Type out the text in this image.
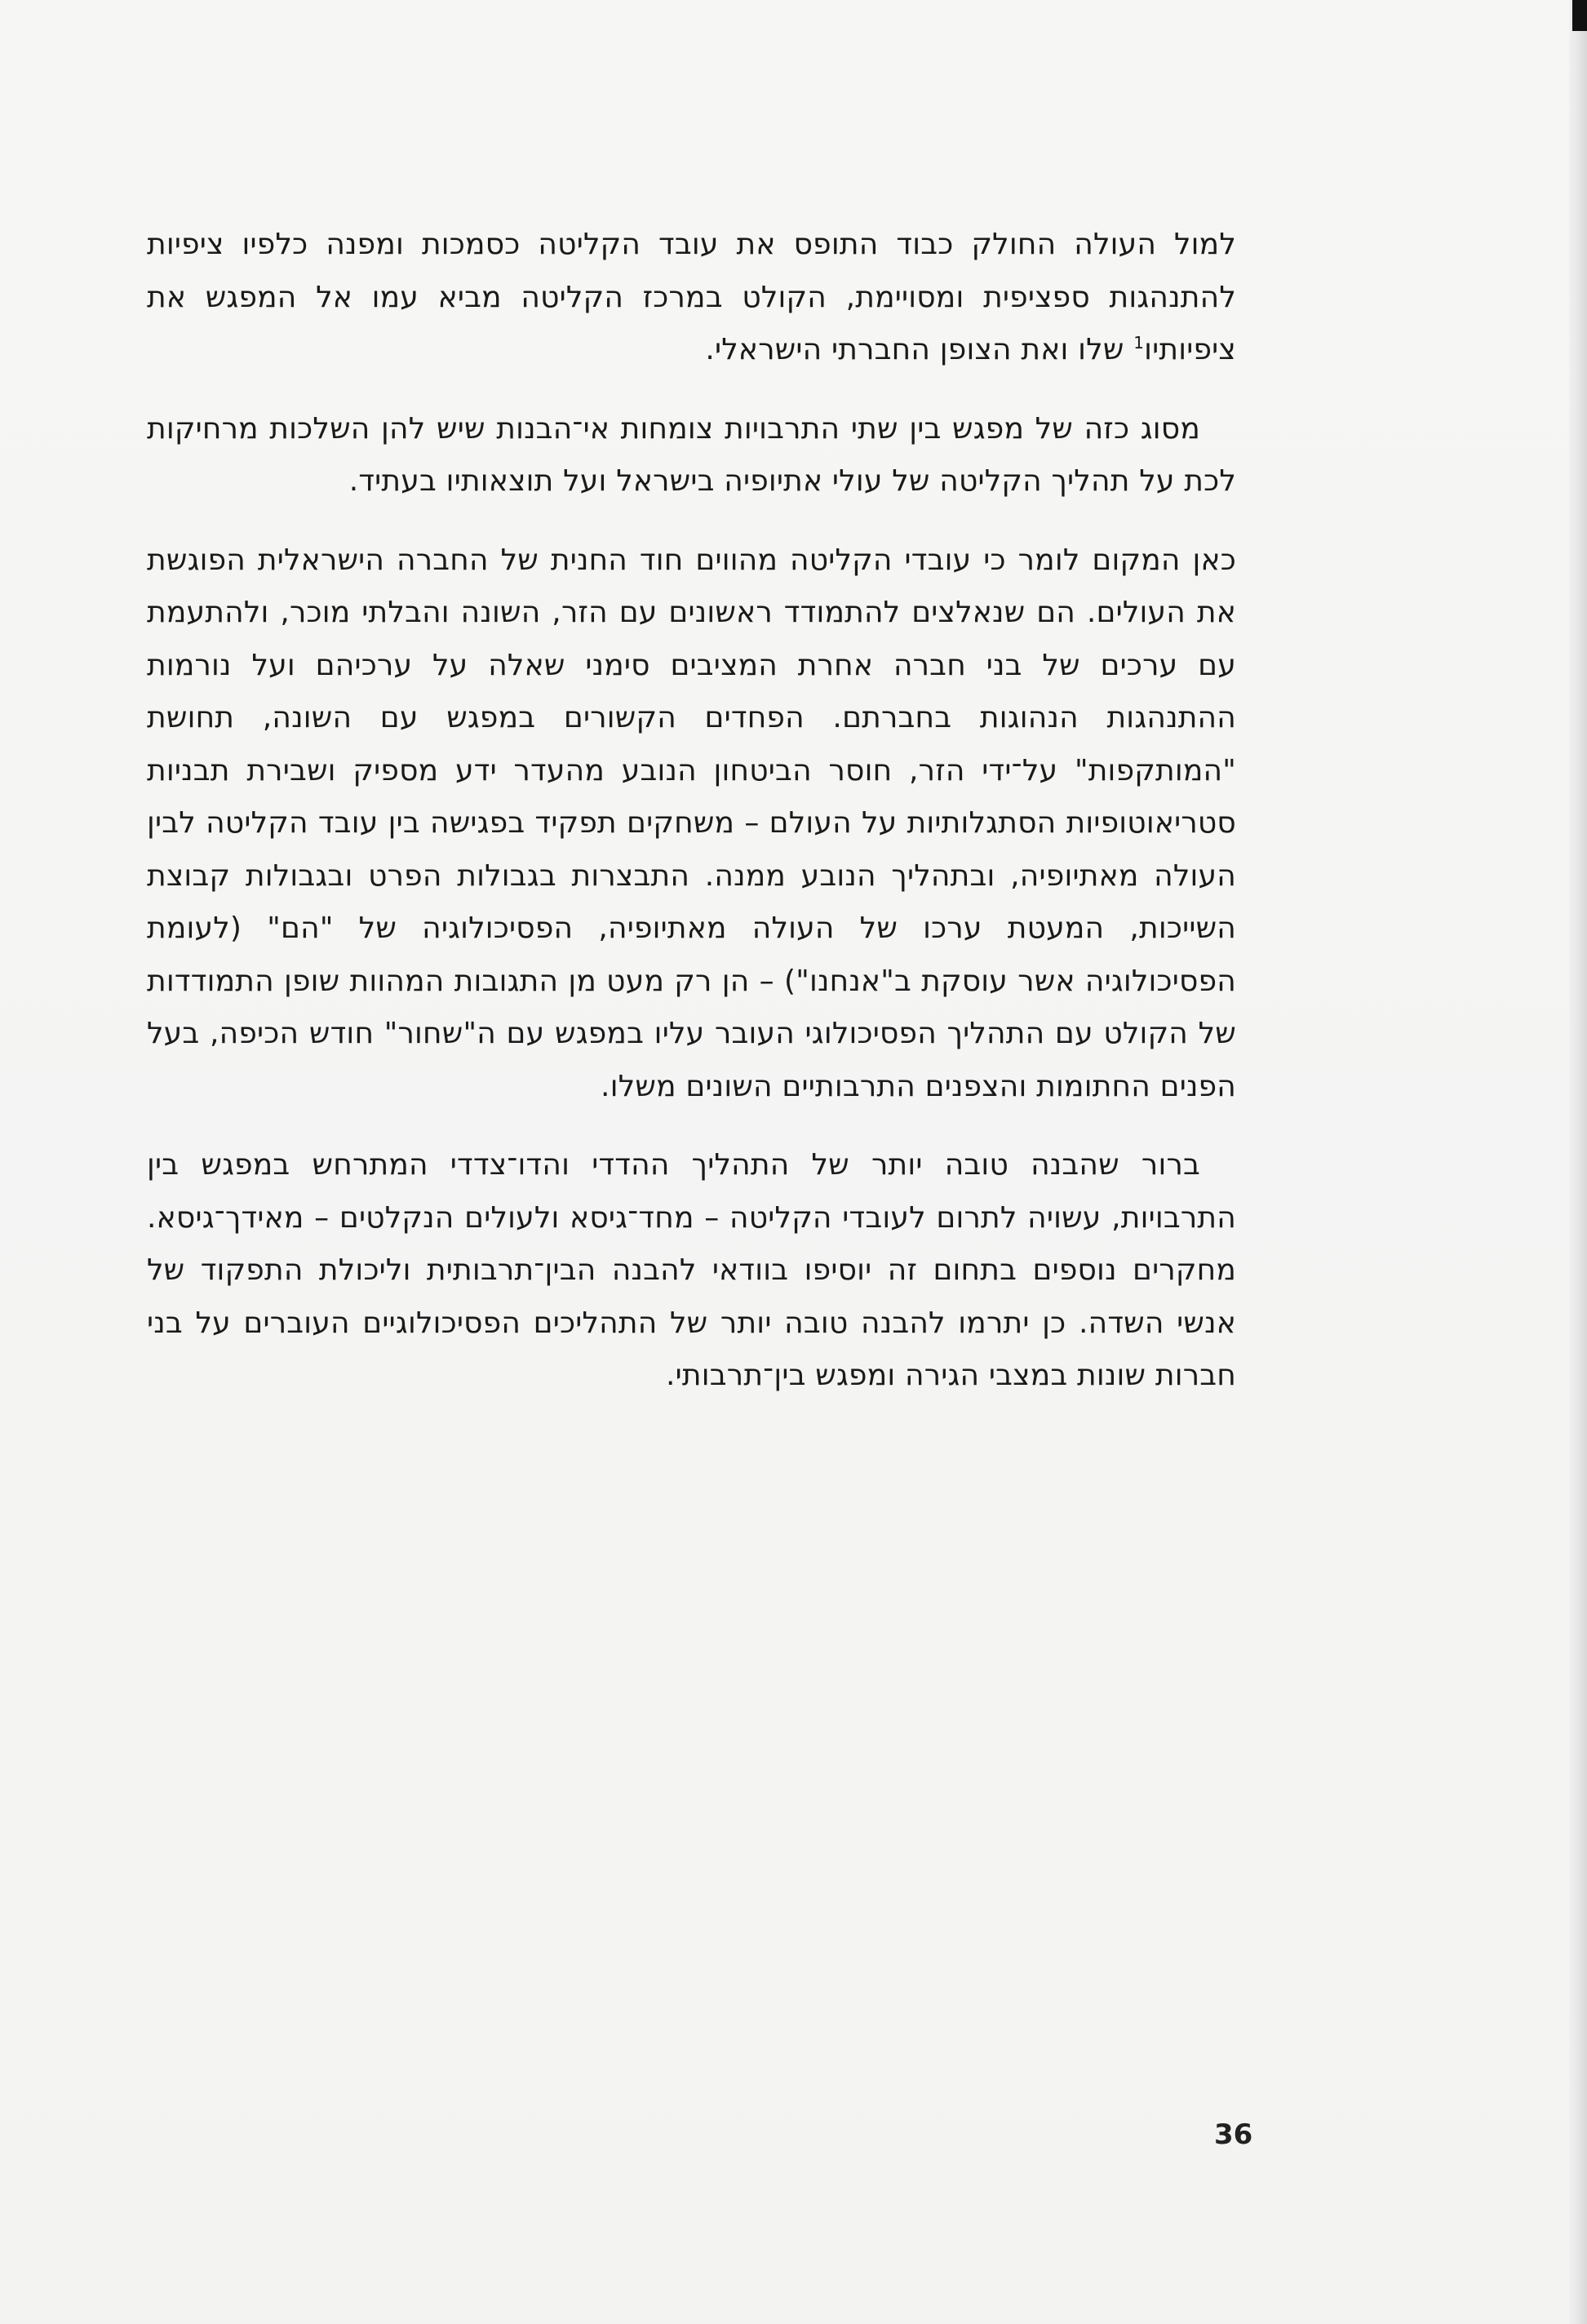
למול העולה החולק כבוד התופס את עובד הקליטה כסמכות ומפנה כלפיו ציפיות להתנהגות ספציפית ומסויימת, הקולט במרכז הקליטה מביא עמו אל המפגש את ציפיותיו$^1$ שלו ואת הצופן החברתי הישראלי.

מסוג כזה של מפגש בין שתי התרבויות צומחות אי־הבנות שיש להן השלכות מרחיקות לכת על תהליך הקליטה של עולי אתיופיה בישראל ועל תוצאותיו בעתיד.

כאן המקום לומר כי עובדי הקליטה מהווים חוד החנית של החברה הישראלית הפוגשת את העולים. הם שנאלצים להתמודד ראשונים עם הזר, השונה והבלתי מוכר, ולהתעמת עם ערכים של בני חברה אחרת המציבים סימני שאלה על ערכיהם ועל נורמות ההתנהגות הנהוגות בחברתם. הפחדים הקשורים במפגש עם השונה, תחושת "המותקפות" על־ידי הזר, חוסר הביטחון הנובע מהעדר ידע מספיק ושבירת תבניות סטריאוטופיות הסתגלותיות על העולם – משחקים תפקיד בפגישה בין עובד הקליטה לבין העולה מאתיופיה, ובתהליך הנובע ממנה. התבצרות בגבולות הפרט ובגבולות קבוצת השייכות, המעטת ערכו של העולה מאתיופיה, הפסיכולוגיה של "הם" (לעומת הפסיכולוגיה אשר עוסקת ב"אנחנו") – הן רק מעט מן התגובות המהוות שופן התמודדות של הקולט עם התהליך הפסיכולוגי העובר עליו במפגש עם ה"שחור" חודש הכיפה, בעל הפנים החתומות והצפנים התרבותיים השונים משלו.

ברור שהבנה טובה יותר של התהליך ההדדי והדו־צדדי המתרחש במפגש בין התרבויות, עשויה לתרום לעובדי הקליטה – מחד־גיסא ולעולים הנקלטים – מאידך־גיסא. מחקרים נוספים בתחום זה יוסיפו בוודאי להבנה הבין־תרבותית וליכולת התפקוד של אנשי השדה. כן יתרמו להבנה טובה יותר של התהליכים הפסיכולוגיים העוברים על בני חברות שונות במצבי הגירה ומפגש בין־תרבותי.

36
